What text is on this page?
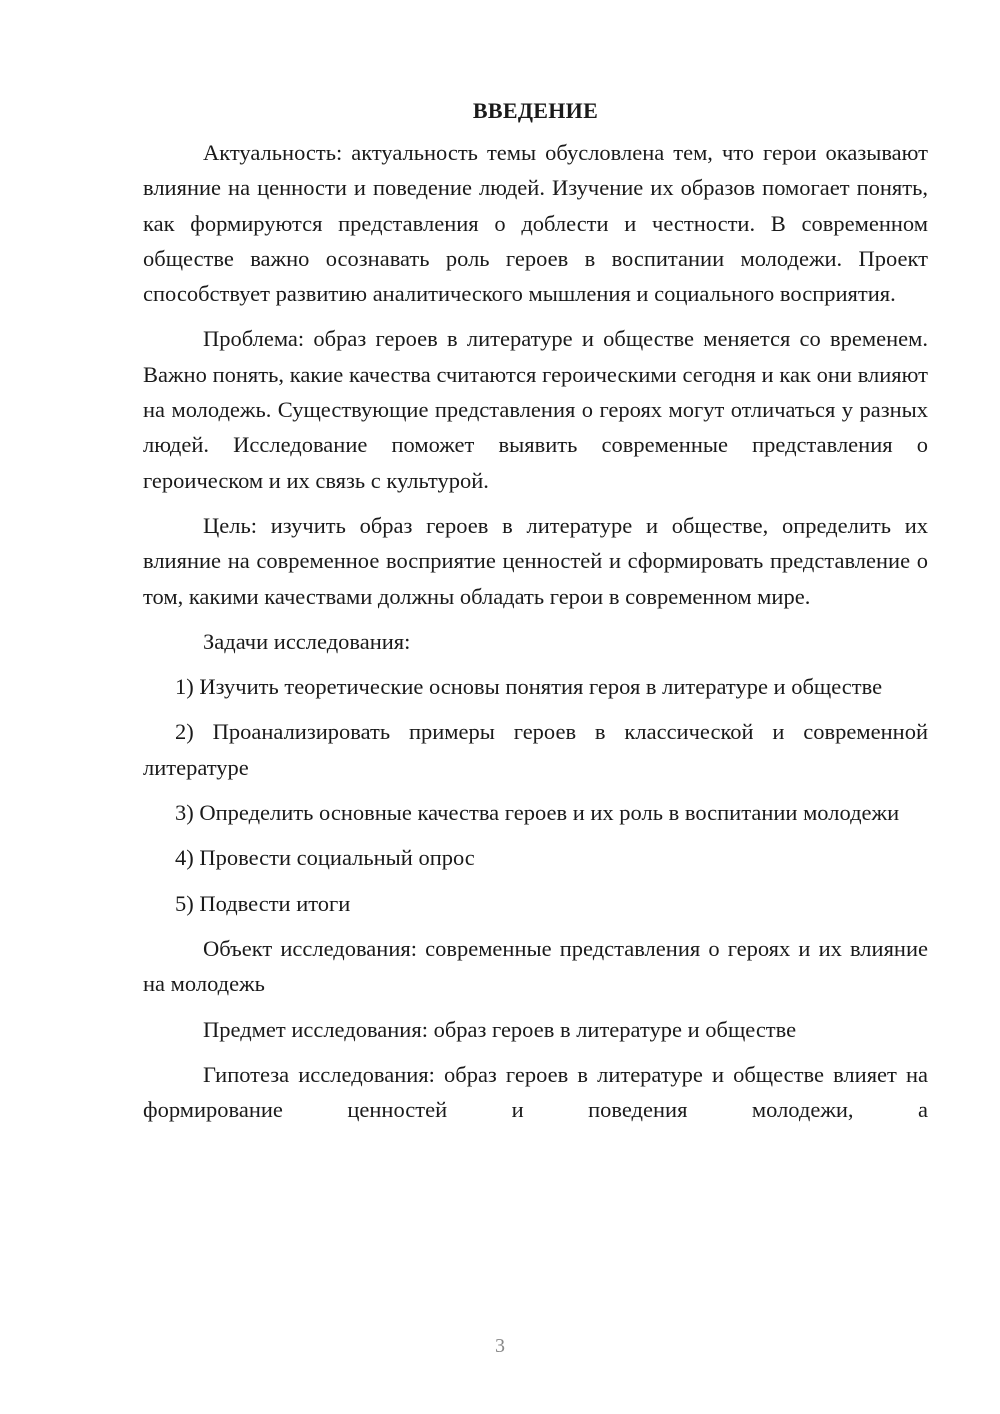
ВВЕДЕНИЕ

Актуальность: актуальность темы обусловлена тем, что герои оказывают влияние на ценности и поведение людей. Изучение их образов помогает понять, как формируются представления о доблести и честности. В современном обществе важно осознавать роль героев в воспитании молодежи. Проект способствует развитию аналитического мышления и социального восприятия.

Проблема: образ героев в литературе и обществе меняется со временем. Важно понять, какие качества считаются героическими сегодня и как они влияют на молодежь. Существующие представления о героях могут отличаться у разных людей. Исследование поможет выявить современные представления о героическом и их связь с культурой.

Цель: изучить образ героев в литературе и обществе, определить их влияние на современное восприятие ценностей и сформировать представление о том, какими качествами должны обладать герои в современном мире.

Задачи исследования:

1) Изучить теоретические основы понятия героя в литературе и обществе

2) Проанализировать примеры героев в классической и современной литературе

3) Определить основные качества героев и их роль в воспитании молодежи

4) Провести социальный опрос

5) Подвести итоги

Объект исследования: современные представления о героях и их влияние на молодежь

Предмет исследования: образ героев в литературе и обществе

Гипотеза исследования: образ героев в литературе и обществе влияет на формирование ценностей и поведения молодежи, а

3
